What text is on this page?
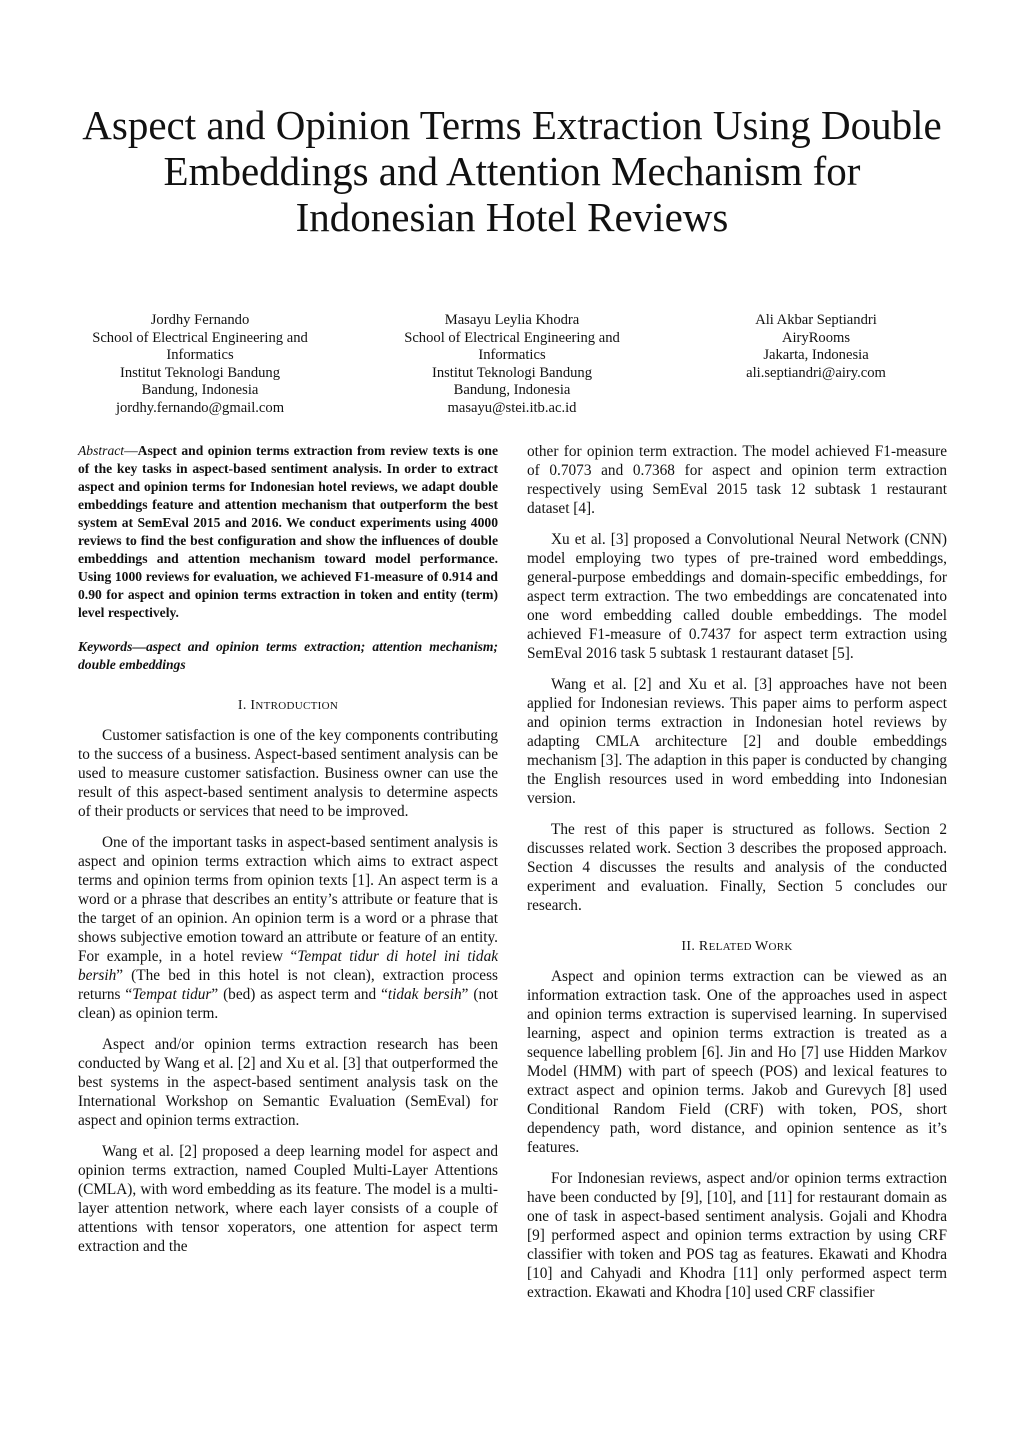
Aspect and Opinion Terms Extraction Using Double
Embeddings and Attention Mechanism for
Indonesian Hotel Reviews
Jordhy Fernando
School of Electrical Engineering and
Informatics
Institut Teknologi Bandung
Bandung, Indonesia
jordhy.fernando@gmail.com
Masayu Leylia Khodra
School of Electrical Engineering and
Informatics
Institut Teknologi Bandung
Bandung, Indonesia
masayu@stei.itb.ac.id
Ali Akbar Septiandri
AiryRooms
Jakarta, Indonesia
ali.septiandri@airy.com

Abstract—Aspect and opinion terms extraction from review texts is one of the key tasks in aspect-based sentiment analysis. In order to extract aspect and opinion terms for Indonesian hotel reviews, we adapt double embeddings feature and attention mechanism that outperform the best system at SemEval 2015 and 2016. We conduct experiments using 4000 reviews to find the best configuration and show the influences of double embeddings and attention mechanism toward model performance. Using 1000 reviews for evaluation, we achieved F1-measure of 0.914 and 0.90 for aspect and opinion terms extraction in token and entity (term) level respectively.

Keywords—aspect and opinion terms extraction; attention mechanism; double embeddings

I. INTRODUCTION

Customer satisfaction is one of the key components contributing to the success of a business. Aspect-based sentiment analysis can be used to measure customer satisfaction. Business owner can use the result of this aspect-based sentiment analysis to determine aspects of their products or services that need to be improved.

One of the important tasks in aspect-based sentiment analysis is aspect and opinion terms extraction which aims to extract aspect terms and opinion terms from opinion texts [1]. An aspect term is a word or a phrase that describes an entity’s attribute or feature that is the target of an opinion. An opinion term is a word or a phrase that shows subjective emotion toward an attribute or feature of an entity. For example, in a hotel review “Tempat tidur di hotel ini tidak bersih” (The bed in this hotel is not clean), extraction process returns “Tempat tidur” (bed) as aspect term and “tidak bersih” (not clean) as opinion term.

Aspect and/or opinion terms extraction research has been conducted by Wang et al. [2] and Xu et al. [3] that outperformed the best systems in the aspect-based sentiment analysis task on the International Workshop on Semantic Evaluation (SemEval) for aspect and opinion terms extraction.

Wang et al. [2] proposed a deep learning model for aspect and opinion terms extraction, named Coupled Multi-Layer Attentions (CMLA), with word embedding as its feature. The model is a multi-layer attention network, where each layer consists of a couple of attentions with tensor xoperators, one attention for aspect term extraction and the

other for opinion term extraction. The model achieved F1-measure of 0.7073 and 0.7368 for aspect and opinion term extraction respectively using SemEval 2015 task 12 subtask 1 restaurant dataset [4].

Xu et al. [3] proposed a Convolutional Neural Network (CNN) model employing two types of pre-trained word embeddings, general-purpose embeddings and domain-specific embeddings, for aspect term extraction. The two embeddings are concatenated into one word embedding called double embeddings. The model achieved F1-measure of 0.7437 for aspect term extraction using SemEval 2016 task 5 subtask 1 restaurant dataset [5].

Wang et al. [2] and Xu et al. [3] approaches have not been applied for Indonesian reviews. This paper aims to perform aspect and opinion terms extraction in Indonesian hotel reviews by adapting CMLA architecture [2] and double embeddings mechanism [3]. The adaption in this paper is conducted by changing the English resources used in word embedding into Indonesian version.

The rest of this paper is structured as follows. Section 2 discusses related work. Section 3 describes the proposed approach. Section 4 discusses the results and analysis of the conducted experiment and evaluation. Finally, Section 5 concludes our research.

II. RELATED WORK

Aspect and opinion terms extraction can be viewed as an information extraction task. One of the approaches used in aspect and opinion terms extraction is supervised learning. In supervised learning, aspect and opinion terms extraction is treated as a sequence labelling problem [6]. Jin and Ho [7] use Hidden Markov Model (HMM) with part of speech (POS) and lexical features to extract aspect and opinion terms. Jakob and Gurevych [8] used Conditional Random Field (CRF) with token, POS, short dependency path, word distance, and opinion sentence as it’s features.

For Indonesian reviews, aspect and/or opinion terms extraction have been conducted by [9], [10], and [11] for restaurant domain as one of task in aspect-based sentiment analysis. Gojali and Khodra [9] performed aspect and opinion terms extraction by using CRF classifier with token and POS tag as features. Ekawati and Khodra [10] and Cahyadi and Khodra [11] only performed aspect term extraction. Ekawati and Khodra [10] used CRF classifier
